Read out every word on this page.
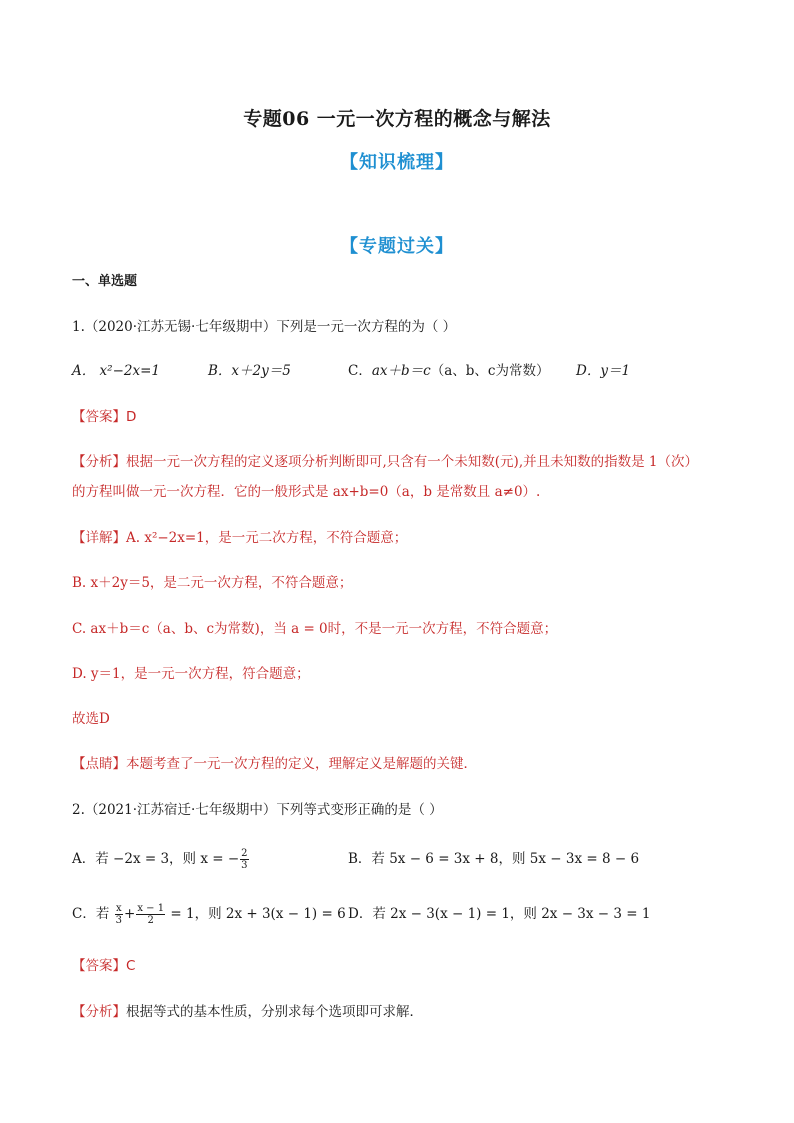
专题06 一元一次方程的概念与解法
【知识梳理】
【专题过关】
一、单选题
1.（2020·江苏无锡·七年级期中）下列是一元一次方程的为（ ）
A． x²−2x=1	B．x＋2y＝5	C．ax＋b＝c（a、b、c为常数） D．y＝1
【答案】D
【分析】根据一元一次方程的定义逐项分析判断即可,只含有一个未知数(元),并且未知数的指数是 1（次）
的方程叫做一元一次方程．它的一般形式是 ax+b=0（a，b 是常数且 a≠0）.
【详解】A. x²−2x=1，是一元二次方程，不符合题意；
B. x＋2y＝5，是二元一次方程，不符合题意；
C. ax＋b＝c（a、b、c为常数)，当 a = 0时，不是一元一次方程，不符合题意；
D. y＝1，是一元一次方程，符合题意；
故选D
【点睛】本题考查了一元一次方程的定义，理解定义是解题的关键．
2.（2021·江苏宿迁·七年级期中）下列等式变形正确的是（ ）
A．若 −2x = 3，则 x = − $\frac{2}{3}$	B．若 5x − 6 = 3x + 8，则 5x − 3x = 8 − 6
C．若 $\frac{x}{3} + \frac{x - 1}{2} = 1$，则 2x + 3(x − 1) = 6 D．若 2x − 3(x − 1) = 1，则 2x − 3x − 3 = 1
【答案】C
【分析】根据等式的基本性质，分别求每个选项即可求解．
